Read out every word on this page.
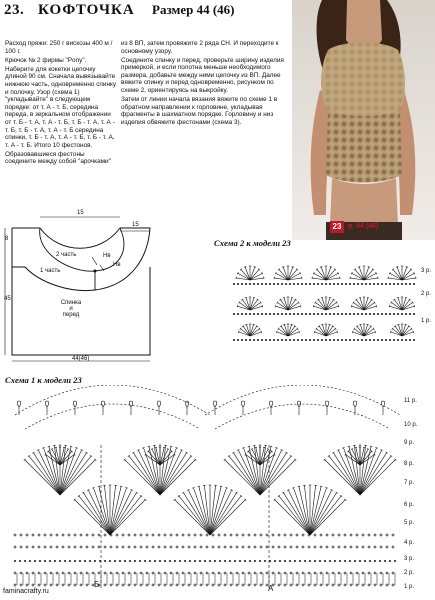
23. КОФТОЧКА Размер 44 (46)

Расход пряжи: 250 г вискозы 400 м / 100 г.

Крючок № 2 фирмы "Pony".

Наберите для кокетки цепочку длиной 90 см. Сначала вывязывайте нижнюю часть, одновременно спинку и полочку. Узор (схема 1) "укладывайте" в следующем порядке: от т. А - т. Б, середина переда, в зеркальном отображении от т. Б - т. А, т. А - т. Б, т. Б - т. А, т. А - т. Б, т. Б - т. А, т. А - т. Б середина спинки, т. Б - т. А, т. А - т. Б, т. Б - т. А, т. А - т. Б. Итого 10 фестонов.

Образовавшиеся фестоны соедините между собой "арочками"

из 8 ВП, затем провяжите 2 ряда СН. И переходите к основному узору.

Соедините спинку и перед, проверьте ширину изделия примеркой, и если полотна меньше необходимого размера, добавьте между ними цепочку из ВП. Далее вяжите спинку и перед одновременно, рисунком по схеме 2, ориентируясь на выкройку.

Затем от линии начала вязания вяжите по схеме 1 в обратном направлении к горловине, укладывая фрагменты в шахматном порядке. Горловину и низ изделия обвяжите фестонами (схема 3).

23 р. 44 (46)
15
15
8
45
44(46)
2 часть
1 часть
Нв
Нв
Спинка
и
перед
Схема 2 к модели 23
3 р.
2 р.
1 р.
Схема 1 к модели 23
11 р.
10 р.
9 р.
8 р.
7 р.
6 р.
5 р.
4 р.
3 р.
2 р.
1 р.
Б	А
faminacrafty.ru
